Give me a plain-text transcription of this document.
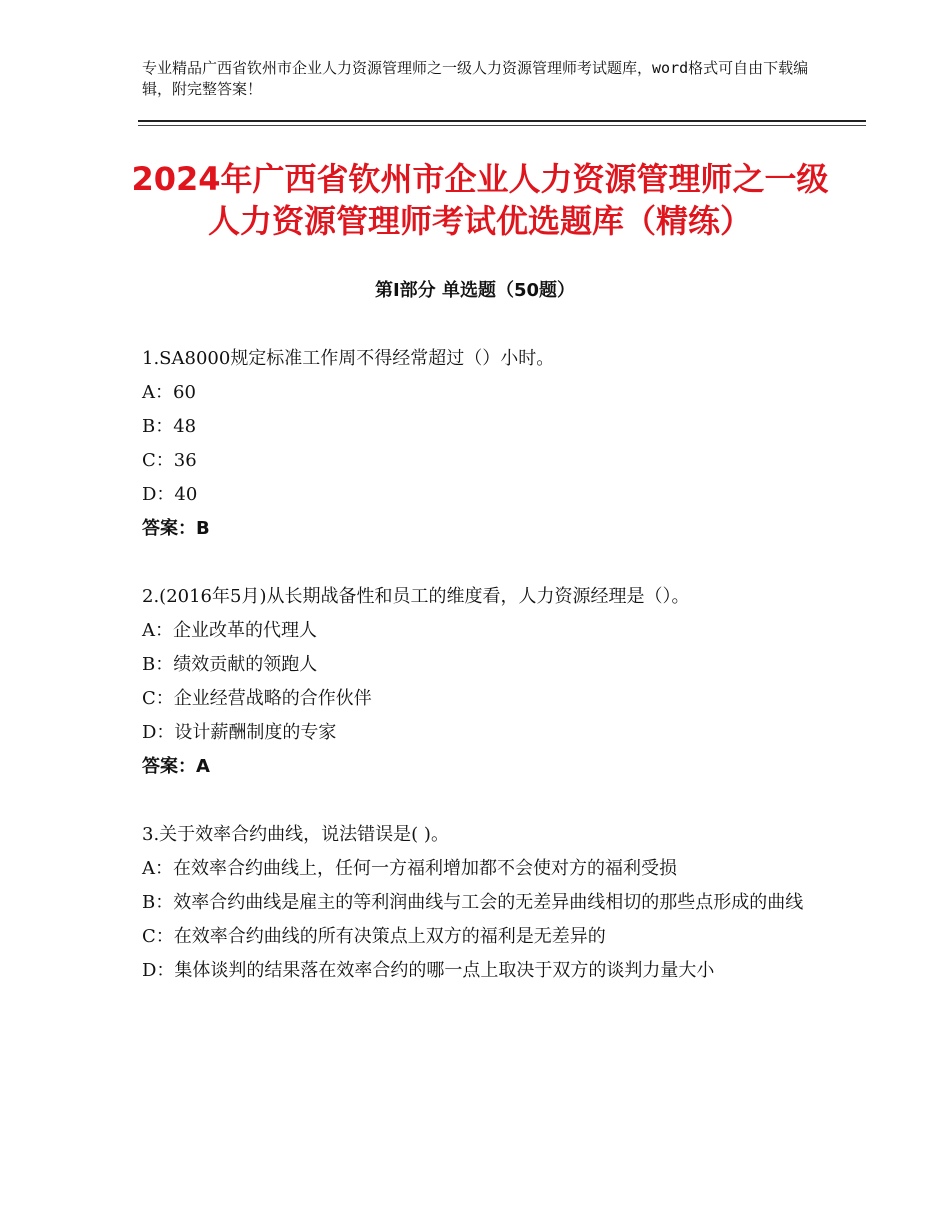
专业精品广西省钦州市企业人力资源管理师之一级人力资源管理师考试题库，word格式可自由下载编辑，附完整答案！
2024年广西省钦州市企业人力资源管理师之一级人力资源管理师考试优选题库（精练）
第Ⅰ部分 单选题（50题）

1.SA8000规定标准工作周不得经常超过（）小时。

A：60

B：48

C：36

D：40

答案：B

2.(2016年5月)从长期战备性和员工的维度看，人力资源经理是（）。

A：企业改革的代理人

B：绩效贡献的领跑人

C：企业经营战略的合作伙伴

D：设计薪酬制度的专家

答案：A

3.关于效率合约曲线，说法错误是( )。

A：在效率合约曲线上，任何一方福利增加都不会使对方的福利受损

B：效率合约曲线是雇主的等利润曲线与工会的无差异曲线相切的那些点形成的曲线

C：在效率合约曲线的所有决策点上双方的福利是无差异的

D：集体谈判的结果落在效率合约的哪一点上取决于双方的谈判力量大小
